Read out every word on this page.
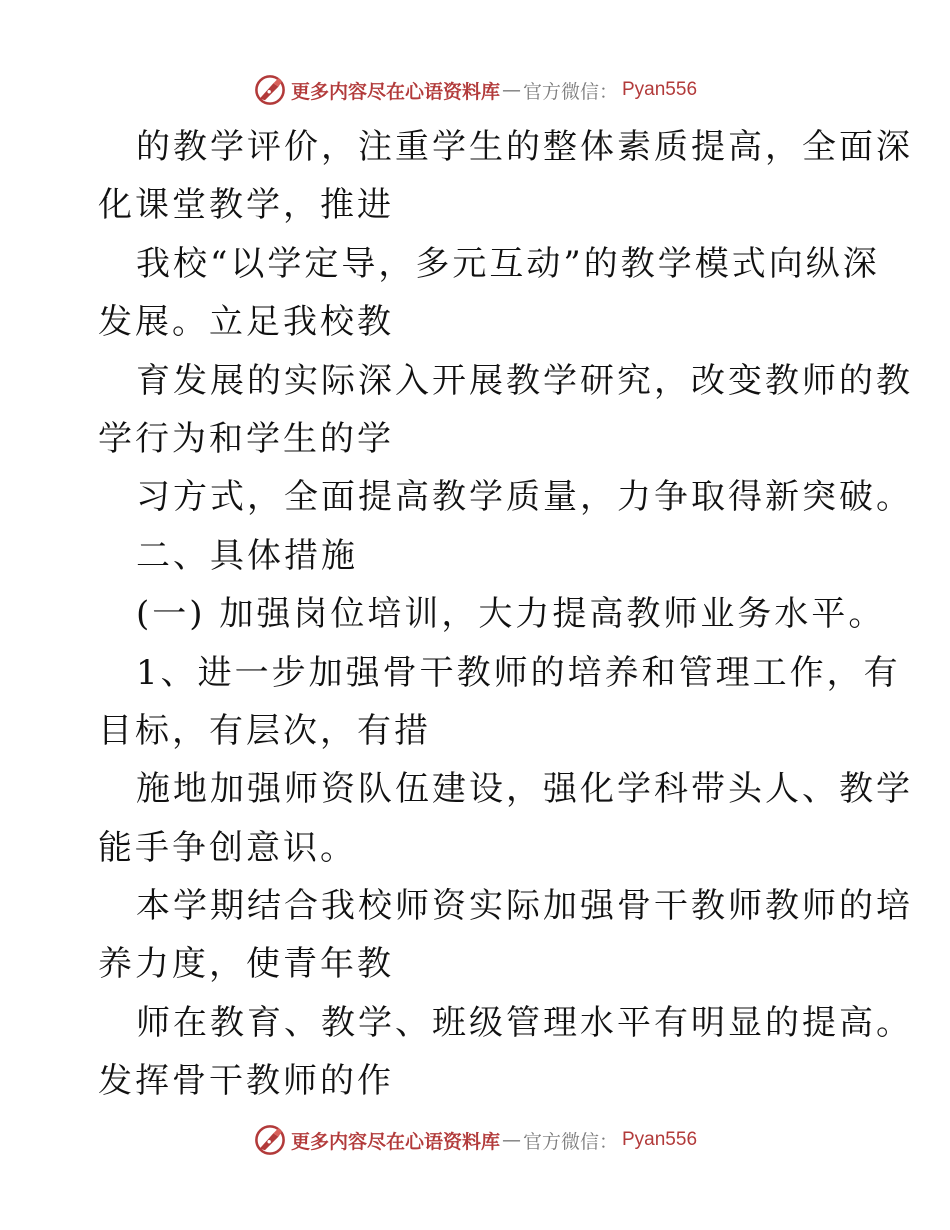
更多内容尽在心语资料库 — 官方微信： Pyan556
的教学评价，注重学生的整体素质提高，全面深
化课堂教学，推进
我校“以学定导，多元互动”的教学模式向纵深
发展。立足我校教
育发展的实际深入开展教学研究，改变教师的教
学行为和学生的学
习方式，全面提高教学质量，力争取得新突破。
二、具体措施
(一) 加强岗位培训，大力提高教师业务水平。
1、进一步加强骨干教师的培养和管理工作，有
目标，有层次，有措
施地加强师资队伍建设，强化学科带头人、教学
能手争创意识。
本学期结合我校师资实际加强骨干教师教师的培
养力度，使青年教
师在教育、教学、班级管理水平有明显的提高。
发挥骨干教师的作
更多内容尽在心语资料库 — 官方微信： Pyan556
